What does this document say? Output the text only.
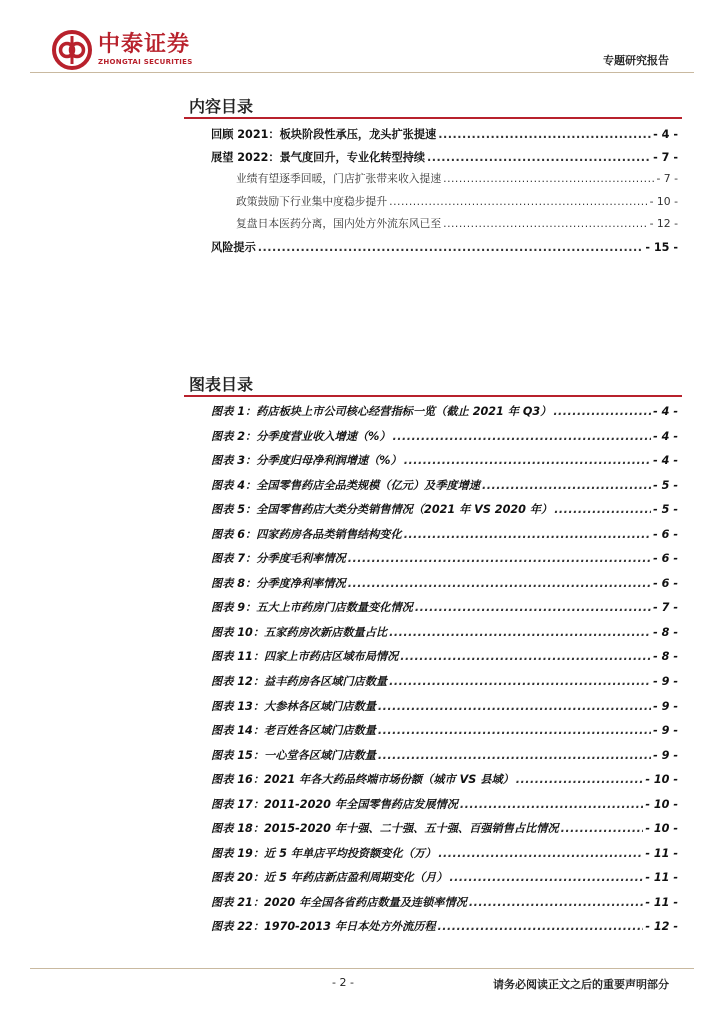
中泰证券
ZHONGTAI SECURITIES	专题研究报告
内容目录
回顾 2021：板块阶段性承压，龙头扩张提速 .....	- 4 -
展望 2022：景气度回升，专业化转型持续 .....	- 7 -
业绩有望逐季回暖，门店扩张带来收入提速 .....	- 7 -
政策鼓励下行业集中度稳步提升 .....	- 10 -
复盘日本医药分离，国内处方外流东风已至 .....	- 12 -
风险提示 .....	- 15 -
图表目录
图表 1：药店板块上市公司核心经营指标一览（截止 2021 年 Q3） .....	- 4 -
图表 2：分季度营业收入增速（%） .....	- 4 -
图表 3：分季度归母净利润增速（%） .....	- 4 -
图表 4：全国零售药店全品类规模（亿元）及季度增速 .....	- 5 -
图表 5：全国零售药店大类分类销售情况（2021 年 VS 2020 年） .....	- 5 -
图表 6：四家药房各品类销售结构变化 .....	- 6 -
图表 7：分季度毛利率情况 .....	- 6 -
图表 8：分季度净利率情况 .....	- 6 -
图表 9：五大上市药房门店数量变化情况 .....	- 7 -
图表 10：五家药房次新店数量占比 .....	- 8 -
图表 11：四家上市药店区域布局情况 .....	- 8 -
图表 12：益丰药房各区域门店数量 .....	- 9 -
图表 13：大参林各区域门店数量 .....	- 9 -
图表 14：老百姓各区域门店数量 .....	- 9 -
图表 15：一心堂各区域门店数量 .....	- 9 -
图表 16：2021 年各大药品终端市场份额（城市 VS 县域） .....	- 10 -
图表 17：2011-2020 年全国零售药店发展情况 .....	- 10 -
图表 18：2015-2020 年十强、二十强、五十强、百强销售占比情况 .....	- 10 -
图表 19：近 5 年单店平均投资额变化（万） .....	- 11 -
图表 20：近 5 年药店新店盈利周期变化（月） .....	- 11 -
图表 21：2020 年全国各省药店数量及连锁率情况 .....	- 11 -
图表 22：1970-2013 年日本处方外流历程 .....	- 12 -
- 2 -	请务必阅读正文之后的重要声明部分
